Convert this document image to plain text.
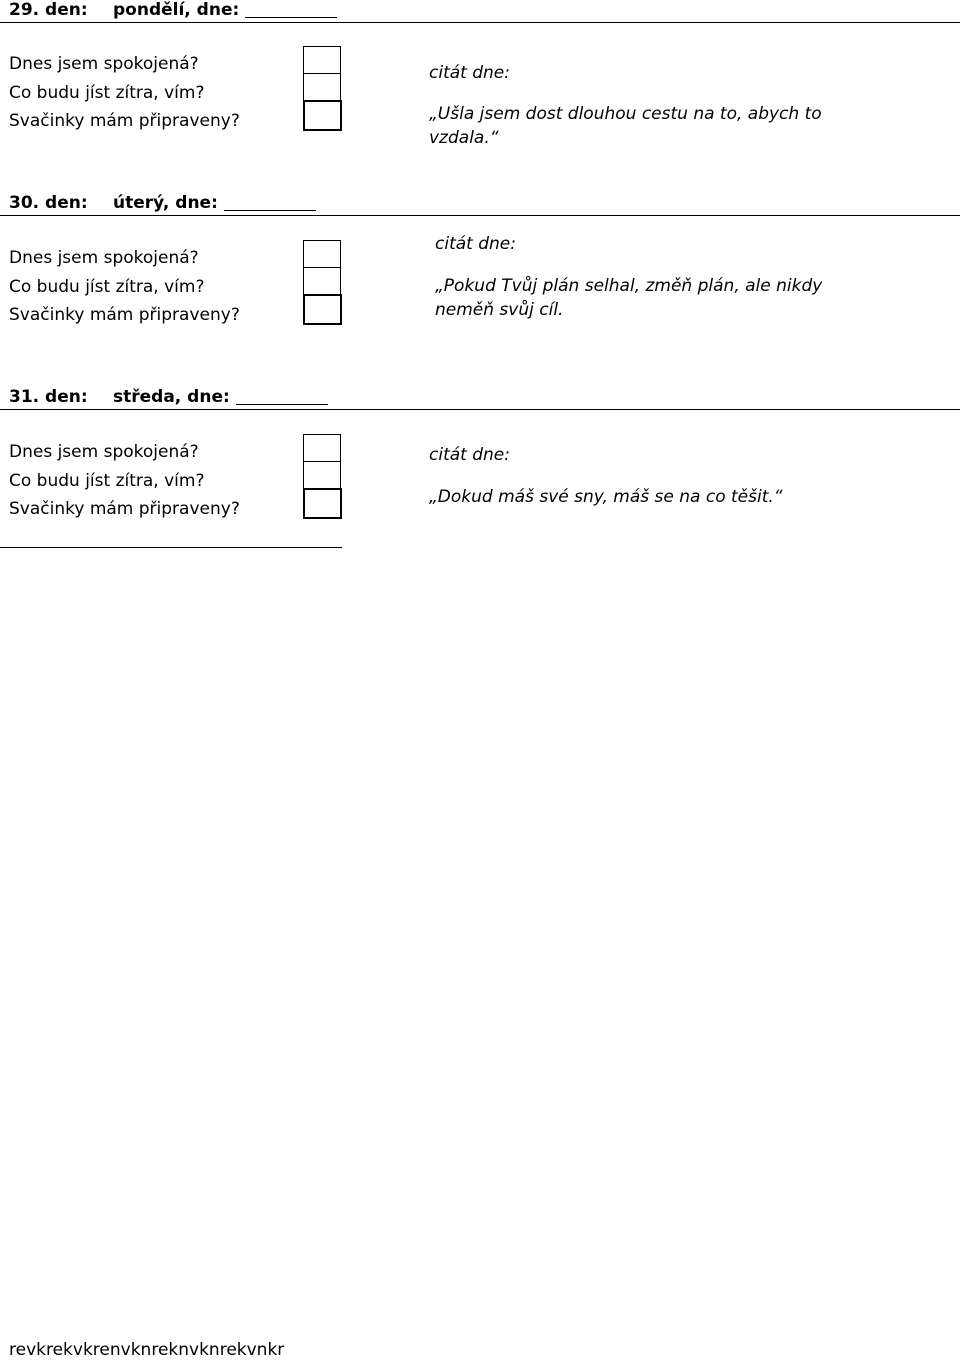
29. den: pondělí, dne:
Dnes jsem spokojená?
Co budu jíst zítra, vím?
Svačinky mám připraveny?
citát dne:
„Ušla jsem dost dlouhou cestu na to, abych to vzdala.“
30. den: úterý, dne:
Dnes jsem spokojená?
Co budu jíst zítra, vím?
Svačinky mám připraveny?
citát dne:
„Pokud Tvůj plán selhal, změň plán, ale nikdy neměň svůj cíl.
31. den: středa, dne:
Dnes jsem spokojená?
Co budu jíst zítra, vím?
Svačinky mám připraveny?
citát dne:
„Dokud máš své sny, máš se na co těšit.“
revkrekvkrenvknreknvknrekvnkr
